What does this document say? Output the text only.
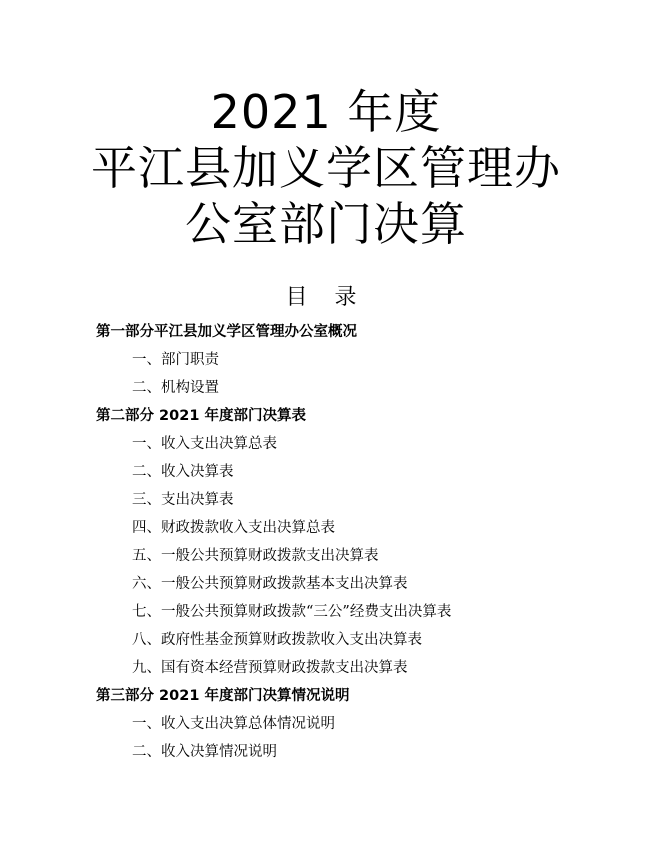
2021 年度
平江县加义学区管理办
公室部门决算
目 录
第一部分平江县加义学区管理办公室概况
一、部门职责
二、机构设置
第二部分 2021 年度部门决算表
一、收入支出决算总表
二、收入决算表
三、支出决算表
四、财政拨款收入支出决算总表
五、一般公共预算财政拨款支出决算表
六、一般公共预算财政拨款基本支出决算表
七、一般公共预算财政拨款“三公”经费支出决算表
八、政府性基金预算财政拨款收入支出决算表
九、国有资本经营预算财政拨款支出决算表
第三部分 2021 年度部门决算情况说明
一、收入支出决算总体情况说明
二、收入决算情况说明
